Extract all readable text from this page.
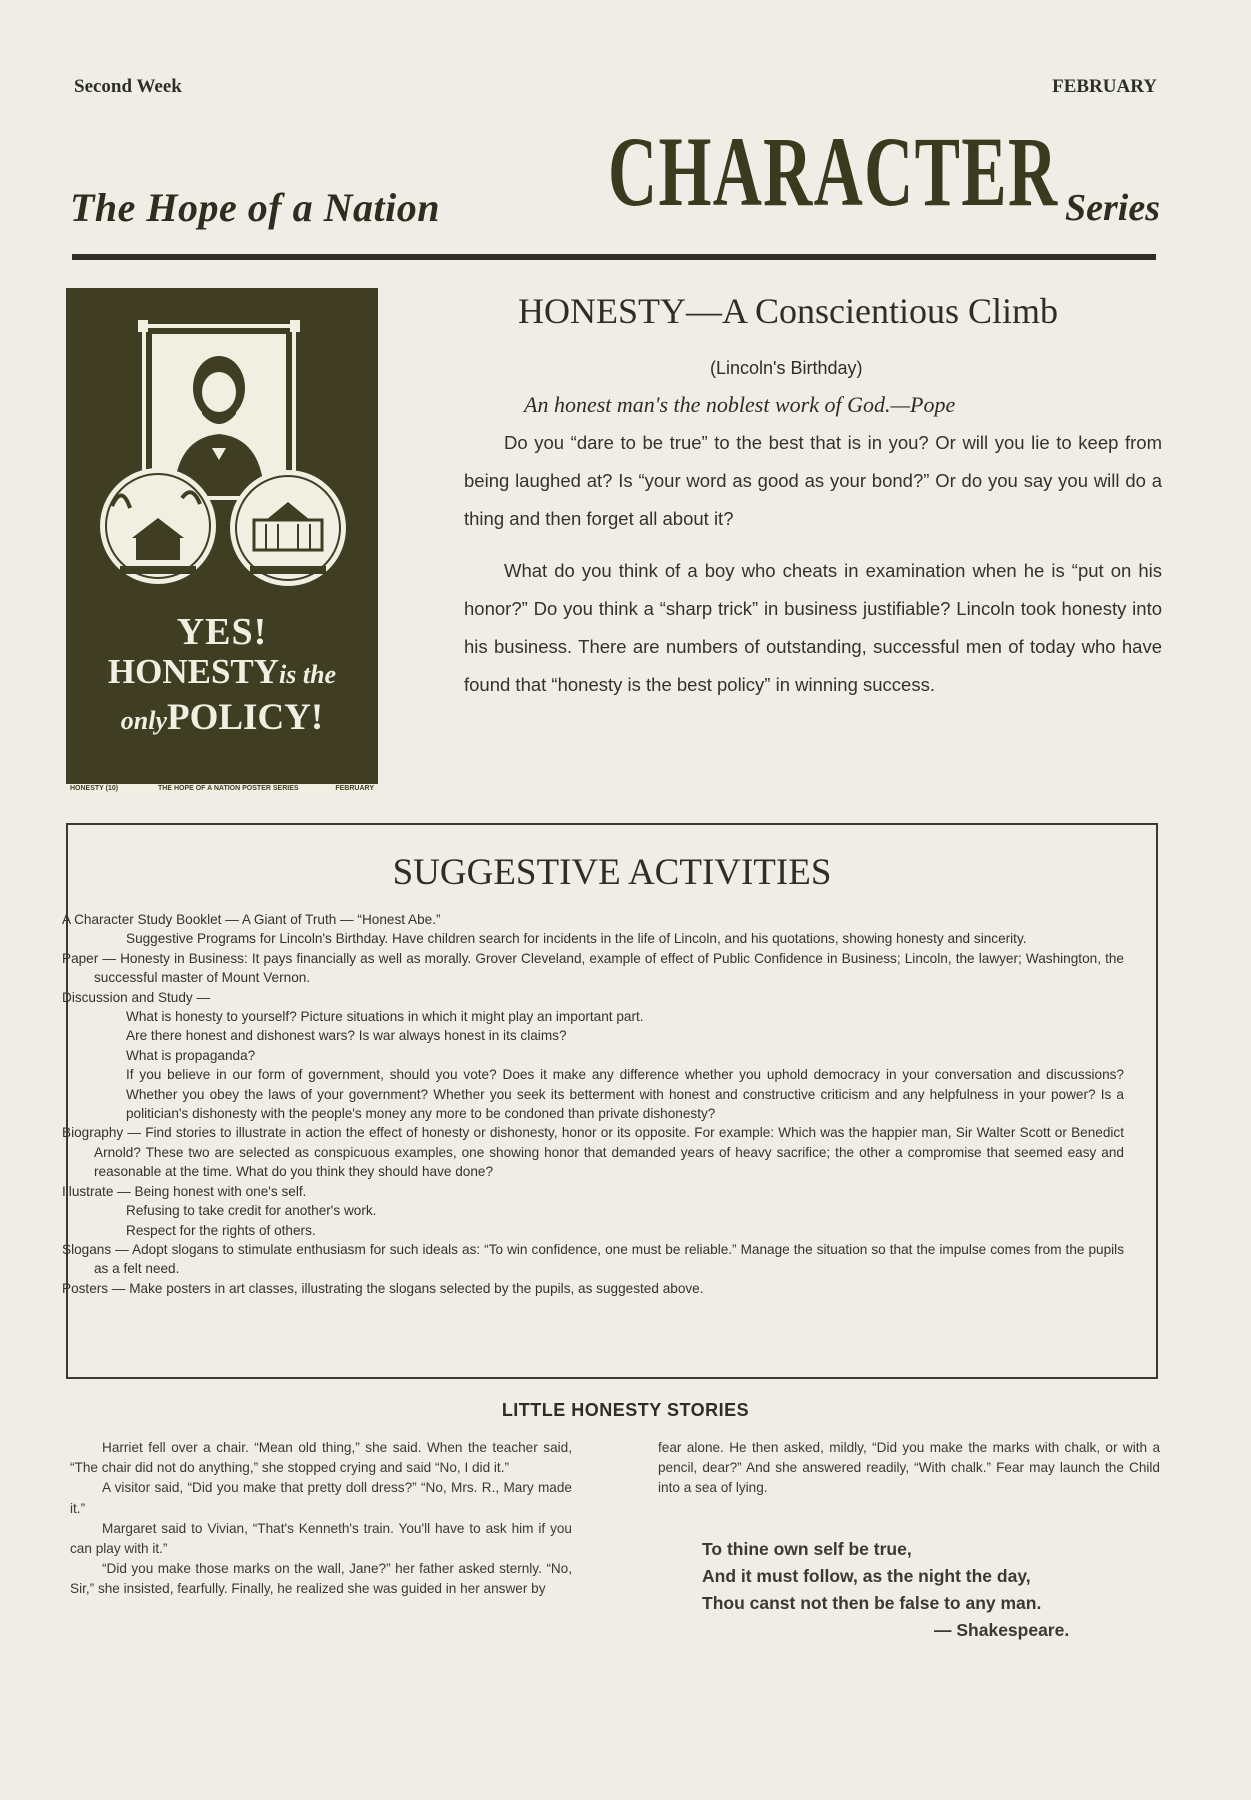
Second Week	FEBRUARY
The Hope of a Nation CHARACTER Series
YES!
HONESTYis the
onlyPOLICY!
HONESTY (10)	THE HOPE OF A NATION POSTER SERIES	FEBRUARY
HONESTY—A Conscientious Climb
(Lincoln's Birthday)
An honest man's the noblest work of God.—Pope

Do you “dare to be true” to the best that is in you? Or will you lie to keep from being laughed at? Is “your word as good as your bond?” Or do you say you will do a thing and then forget all about it?

What do you think of a boy who cheats in examination when he is “put on his honor?” Do you think a “sharp trick” in business justifiable? Lincoln took honesty into his business. There are numbers of outstanding, successful men of today who have found that “honesty is the best policy” in winning success.

SUGGESTIVE ACTIVITIES
A Character Study Booklet — A Giant of Truth — “Honest Abe.”
Suggestive Programs for Lincoln's Birthday. Have children search for incidents in the life of Lincoln, and his quotations, showing honesty and sincerity.
Paper — Honesty in Business: It pays financially as well as morally. Grover Cleveland, example of effect of Public Confidence in Business; Lincoln, the lawyer; Washington, the successful master of Mount Vernon.
Discussion and Study —
What is honesty to yourself? Picture situations in which it might play an important part.
Are there honest and dishonest wars? Is war always honest in its claims?
What is propaganda?
If you believe in our form of government, should you vote? Does it make any difference whether you uphold democracy in your conversation and discussions? Whether you obey the laws of your government? Whether you seek its betterment with honest and constructive criticism and any helpfulness in your power? Is a politician's dishonesty with the people's money any more to be condoned than private dishonesty?
Biography — Find stories to illustrate in action the effect of honesty or dishonesty, honor or its opposite. For example: Which was the happier man, Sir Walter Scott or Benedict Arnold? These two are selected as conspicuous examples, one showing honor that demanded years of heavy sacrifice; the other a compromise that seemed easy and reasonable at the time. What do you think they should have done?
Illustrate — Being honest with one's self.
Refusing to take credit for another's work.
Respect for the rights of others.
Slogans — Adopt slogans to stimulate enthusiasm for such ideals as: “To win confidence, one must be reliable.” Manage the situation so that the impulse comes from the pupils as a felt need.
Posters — Make posters in art classes, illustrating the slogans selected by the pupils, as suggested above.
LITTLE HONESTY STORIES

Harriet fell over a chair. “Mean old thing,” she said. When the teacher said, “The chair did not do anything,” she stopped crying and said “No, I did it.”

A visitor said, “Did you make that pretty doll dress?” “No, Mrs. R., Mary made it.”

Margaret said to Vivian, “That's Kenneth's train. You'll have to ask him if you can play with it.”

“Did you make those marks on the wall, Jane?” her father asked sternly. “No, Sir,” she insisted, fearfully. Finally, he realized she was guided in her answer by

fear alone. He then asked, mildly, “Did you make the marks with chalk, or with a pencil, dear?” And she answered readily, “With chalk.” Fear may launch the Child into a sea of lying.

To thine own self be true,
And it must follow, as the night the day,
Thou canst not then be false to any man.
— Shakespeare.
